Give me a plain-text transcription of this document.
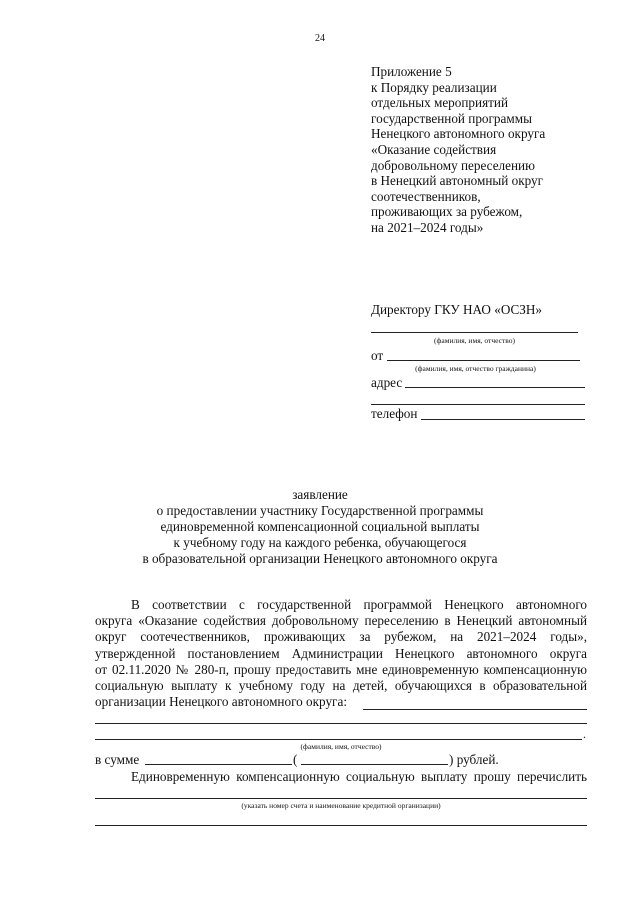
24
Приложение 5
к Порядку реализации
отдельных мероприятий
государственной программы
Ненецкого автономного округа
«Оказание содействия
добровольному переселению
в Ненецкий автономный округ
соотечественников,
проживающих за рубежом,
на 2021–2024 годы»
Директору ГКУ НАО «ОСЗН»
(фамилия, имя, отчество)
от
(фамилия, имя, отчество гражданина)
адрес
телефон
заявление
о предоставлении участнику Государственной программы
единовременной компенсационной социальной выплаты
к учебному году на каждого ребенка, обучающегося
в образовательной организации Ненецкого автономного округа
В соответствии с государственной программой Ненецкого автономного
округа «Оказание содействия добровольному переселению в Ненецкий автономный
округ соотечественников, проживающих за рубежом, на 2021–2024 годы»,
утвержденной постановлением Администрации Ненецкого автономного округа
от 02.11.2020 № 280-п, прошу предоставить мне единовременную компенсационную
социальную выплату к учебному году на детей, обучающихся в образовательной
организации Ненецкого автономного округа:
.
(фамилия, имя, отчество)
в сумме	(	) рублей.
Единовременную компенсационную социальную выплату прошу перечислить
(указать номер счета и наименование кредитной организации)
